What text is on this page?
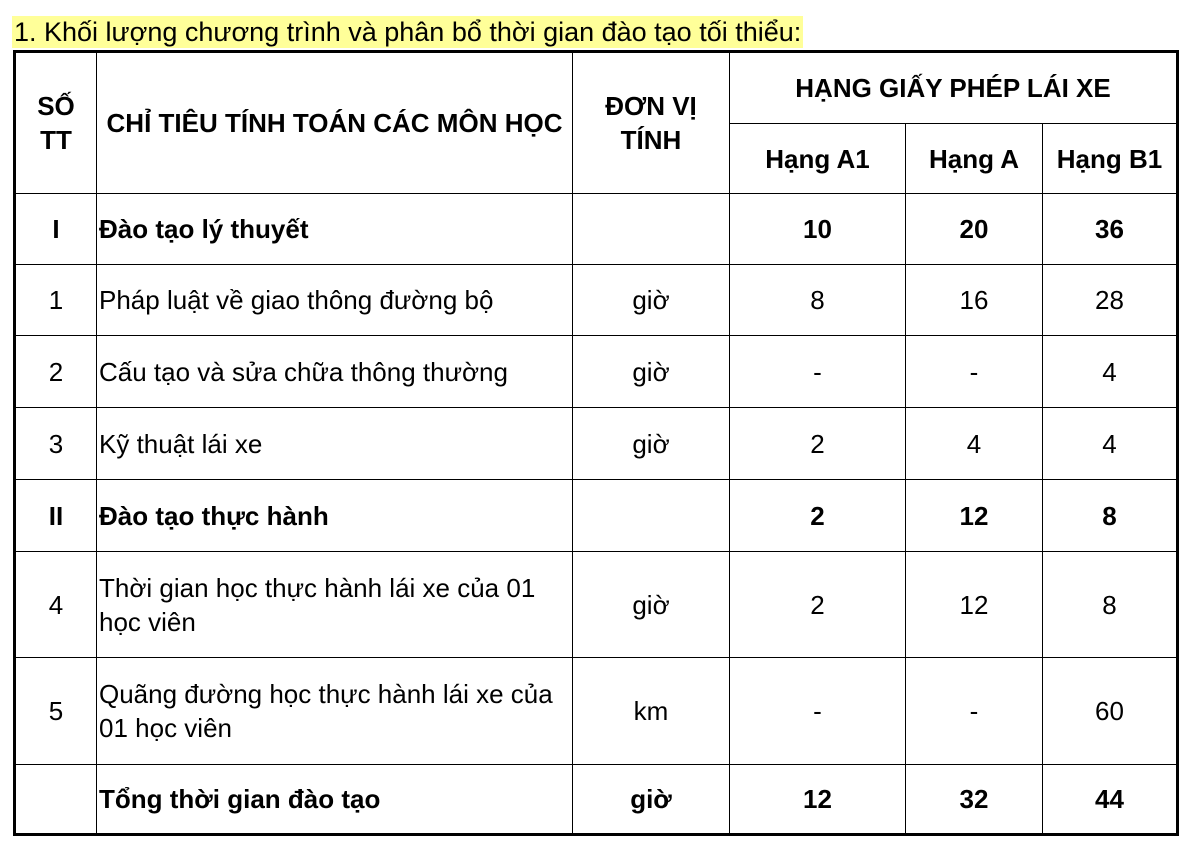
1. Khối lượng chương trình và phân bổ thời gian đào tạo tối thiểu:
SỐ TT	CHỈ TIÊU TÍNH TOÁN CÁC MÔN HỌC	ĐƠN VỊ TÍNH	HẠNG GIẤY PHÉP LÁI XE		
			Hạng A1	Hạng A	Hạng B1
I	Đào tạo lý thuyết		10	20	36
1	Pháp luật về giao thông đường bộ	giờ	8	16	28
2	Cấu tạo và sửa chữa thông thường	giờ	-	-	4
3	Kỹ thuật lái xe	giờ	2	4	4
II	Đào tạo thực hành		2	12	8
4	Thời gian học thực hành lái xe của 01 học viên	giờ	2	12	8
5	Quãng đường học thực hành lái xe của 01 học viên	km	-	-	60
	Tổng thời gian đào tạo	giờ	12	32	44
